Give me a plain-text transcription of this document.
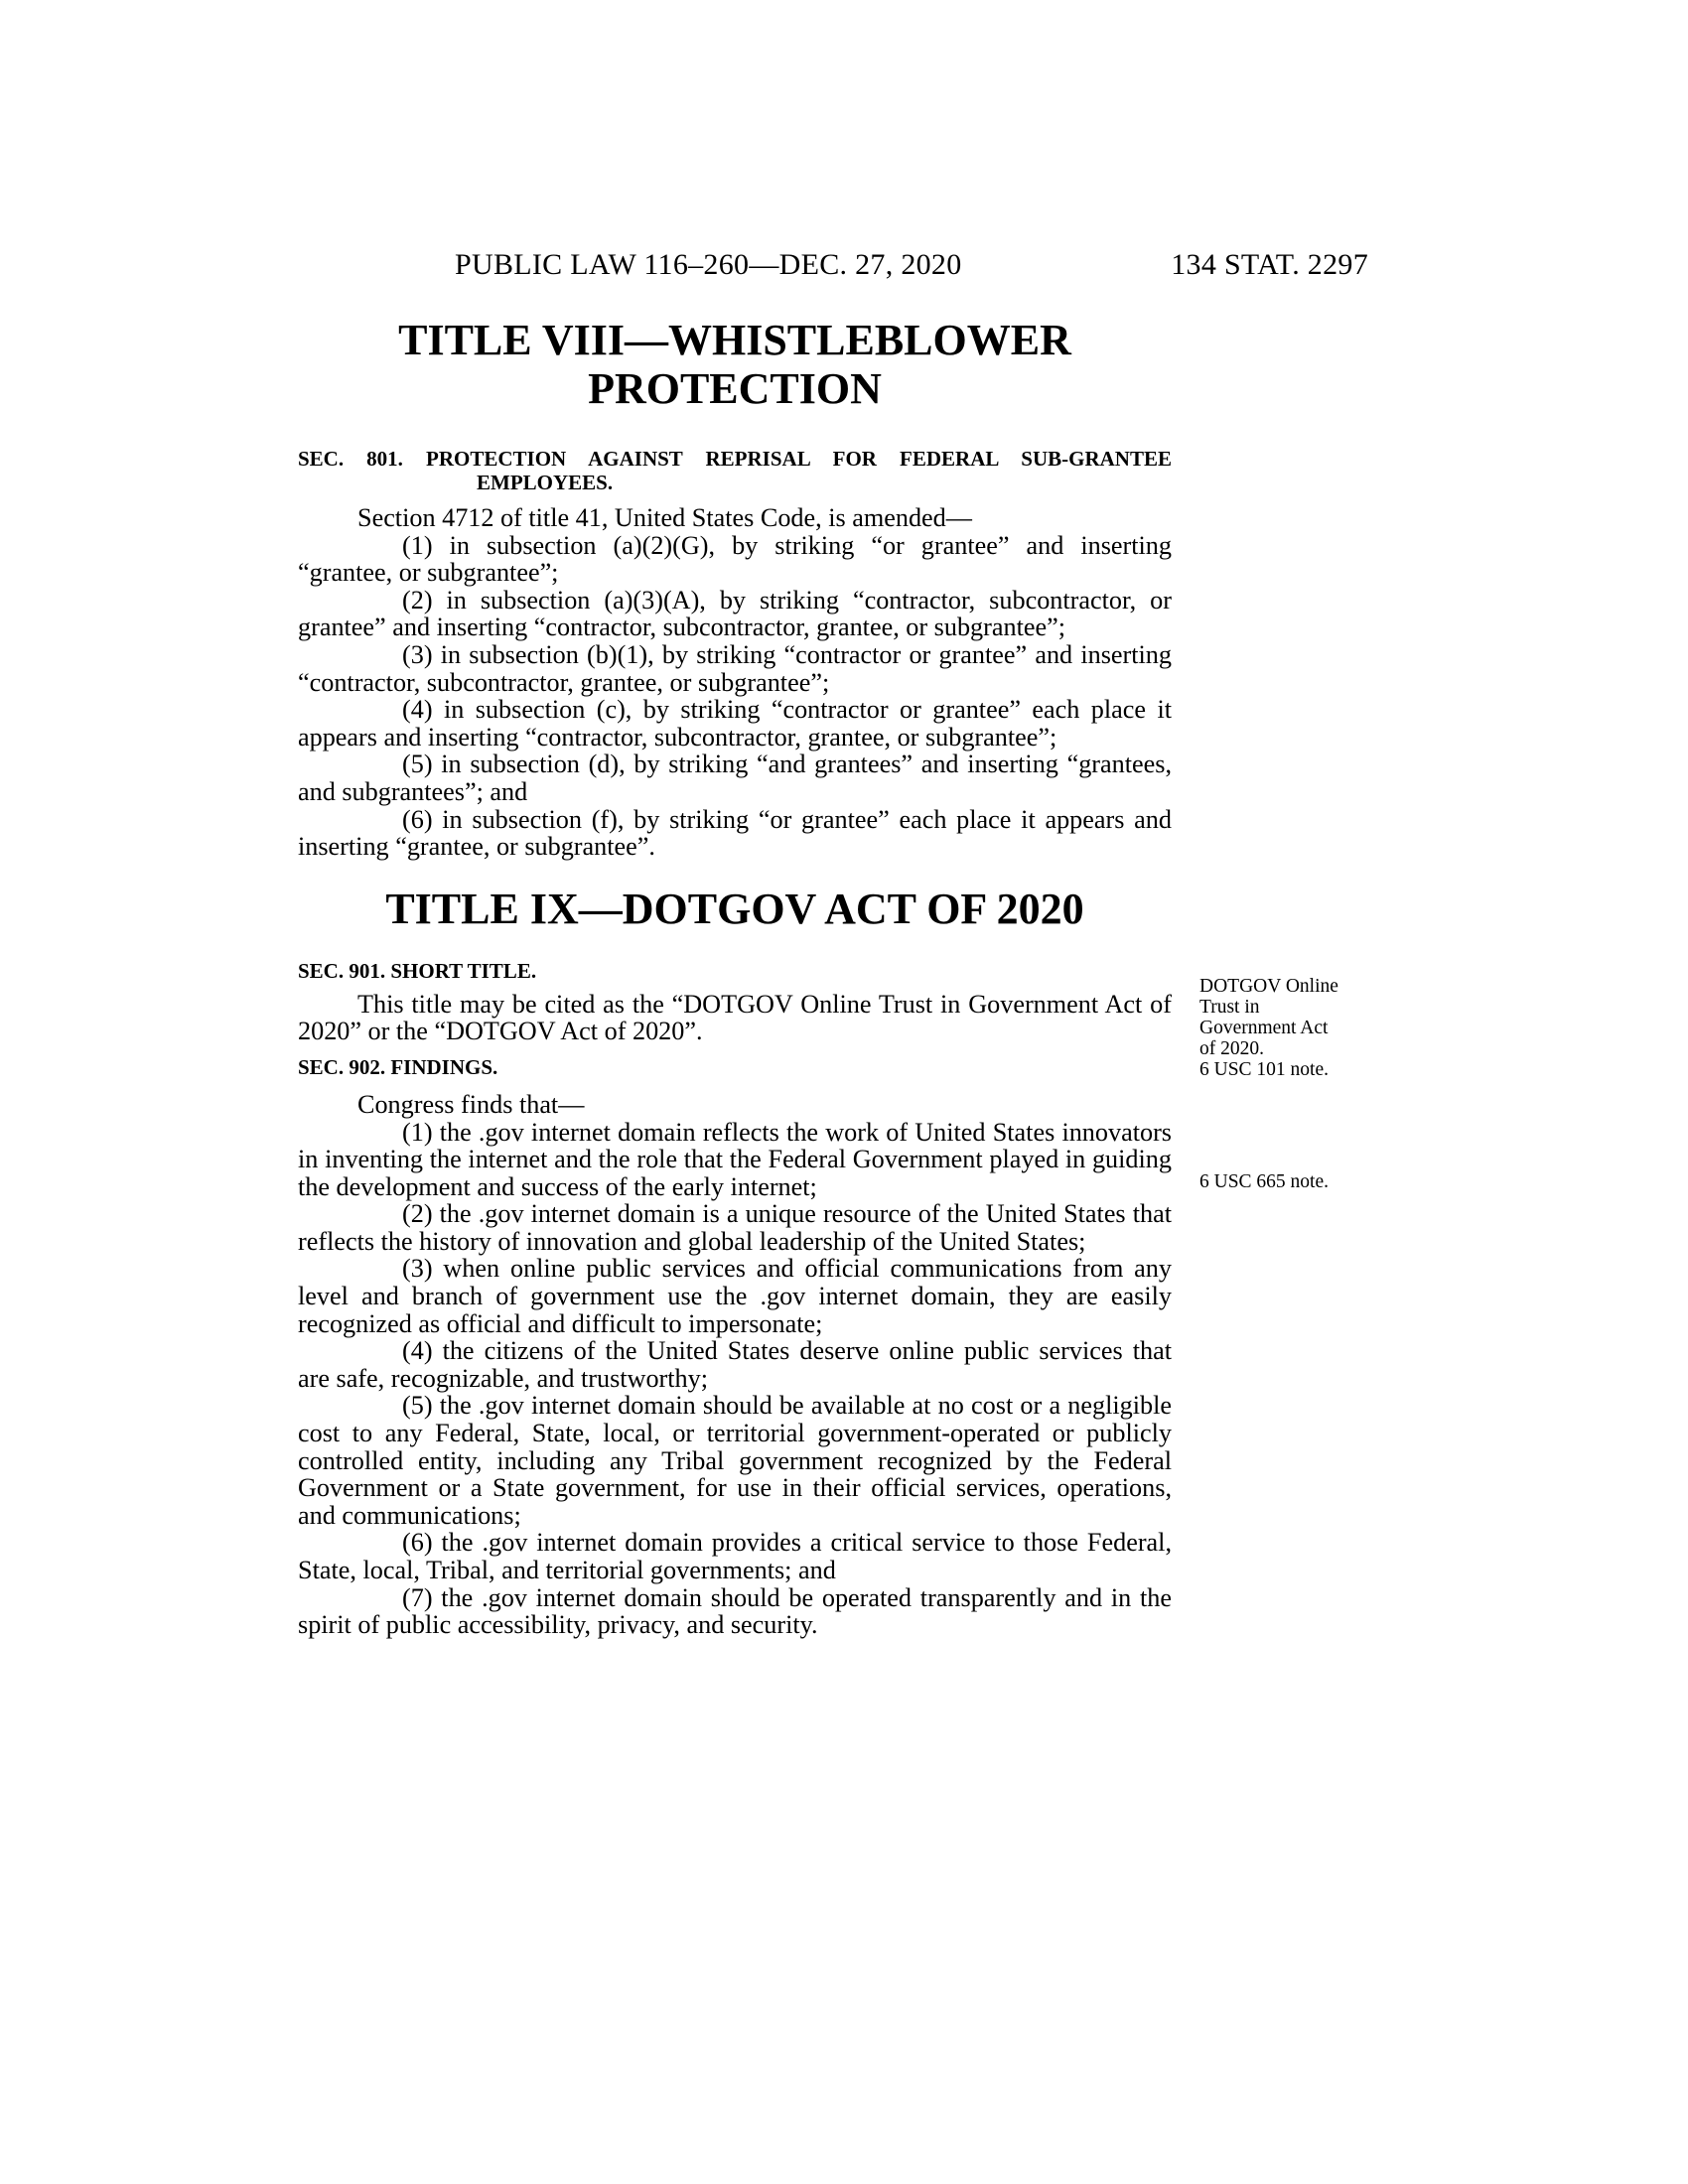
PUBLIC LAW 116–260—DEC. 27, 2020	134 STAT. 2297
TITLE VIII—WHISTLEBLOWER
PROTECTION

SEC. 801. PROTECTION AGAINST REPRISAL FOR FEDERAL SUB-GRANTEE EMPLOYEES.

Section 4712 of title 41, United States Code, is amended—

(1) in subsection (a)(2)(G), by striking “or grantee” and inserting “grantee, or subgrantee”;

(2) in subsection (a)(3)(A), by striking “contractor, subcontractor, or grantee” and inserting “contractor, subcontractor, grantee, or subgrantee”;

(3) in subsection (b)(1), by striking “contractor or grantee” and inserting “contractor, subcontractor, grantee, or subgrantee”;

(4) in subsection (c), by striking “contractor or grantee” each place it appears and inserting “contractor, subcontractor, grantee, or subgrantee”;

(5) in subsection (d), by striking “and grantees” and inserting “grantees, and subgrantees”; and

(6) in subsection (f), by striking “or grantee” each place it appears and inserting “grantee, or subgrantee”.

TITLE IX—DOTGOV ACT OF 2020

SEC. 901. SHORT TITLE.

This title may be cited as the “DOTGOV Online Trust in Government Act of 2020” or the “DOTGOV Act of 2020”.

SEC. 902. FINDINGS.

Congress finds that—

(1) the .gov internet domain reflects the work of United States innovators in inventing the internet and the role that the Federal Government played in guiding the development and success of the early internet;

(2) the .gov internet domain is a unique resource of the United States that reflects the history of innovation and global leadership of the United States;

(3) when online public services and official communications from any level and branch of government use the .gov internet domain, they are easily recognized as official and difficult to impersonate;

(4) the citizens of the United States deserve online public services that are safe, recognizable, and trustworthy;

(5) the .gov internet domain should be available at no cost or a negligible cost to any Federal, State, local, or territorial government-operated or publicly controlled entity, including any Tribal government recognized by the Federal Government or a State government, for use in their official services, operations, and communications;

(6) the .gov internet domain provides a critical service to those Federal, State, local, Tribal, and territorial governments; and

(7) the .gov internet domain should be operated transparently and in the spirit of public accessibility, privacy, and security.

DOTGOV Online
Trust in
Government Act
of 2020.
6 USC 101 note.
6 USC 665 note.
